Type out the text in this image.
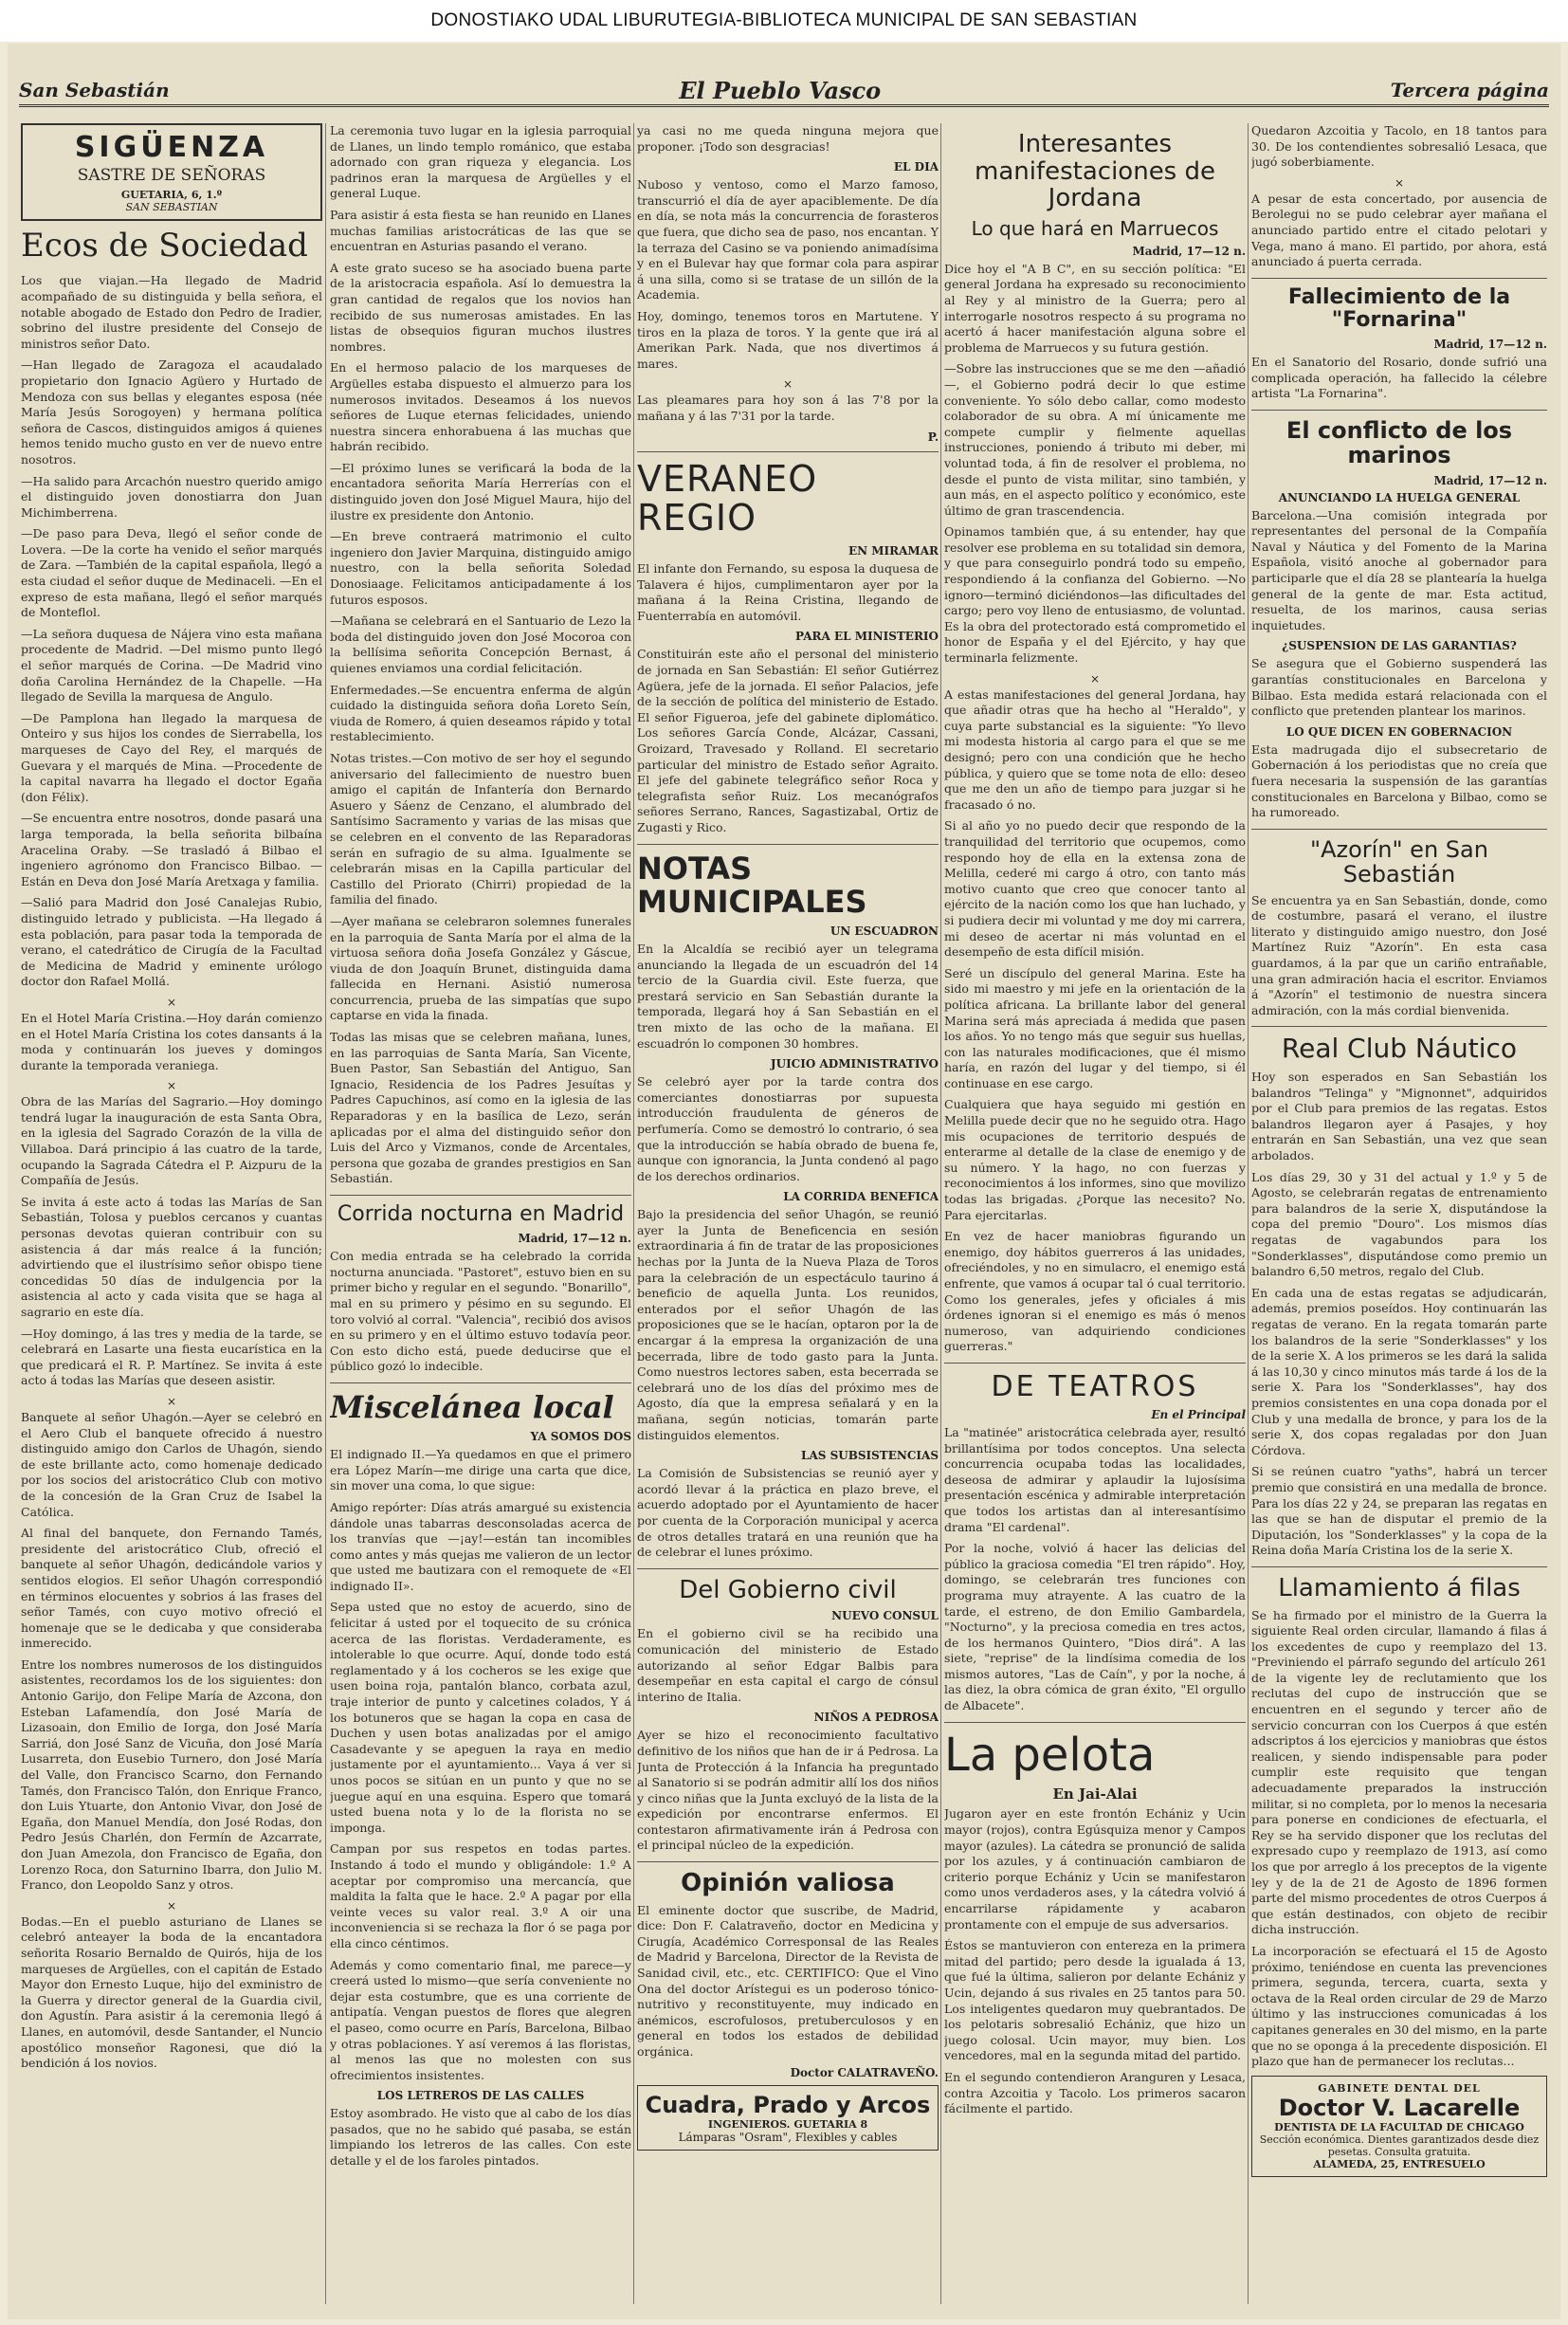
DONOSTIAKO UDAL LIBURUTEGIA-BIBLIOTECA MUNICIPAL DE SAN SEBASTIAN
San Sebastián	El Pueblo Vasco	Tercera página
SIGÜENZA
SASTRE DE SEÑORAS
GUETARIA, 6, 1.º
SAN SEBASTIAN
Ecos de Sociedad

Los que viajan.—Ha llegado de Madrid acompañado de su distinguida y bella señora, el notable abogado de Estado don Pedro de Iradier, sobrino del ilustre presidente del Consejo de ministros señor Dato.

—Han llegado de Zaragoza el acaudalado propietario don Ignacio Agüero y Hurtado de Mendoza con sus bellas y elegantes esposa (née María Jesús Sorogoyen) y hermana política señora de Cascos, distinguidos amigos á quienes hemos tenido mucho gusto en ver de nuevo entre nosotros.

—Ha salido para Arcachón nuestro querido amigo el distinguido joven donostiarra don Juan Michimberrena.

—De paso para Deva, llegó el señor conde de Lovera. —De la corte ha venido el señor marqués de Zara. —También de la capital española, llegó a esta ciudad el señor duque de Medinaceli. —En el expreso de esta mañana, llegó el señor marqués de Monteflol.

—La señora duquesa de Nájera vino esta mañana procedente de Madrid. —Del mismo punto llegó el señor marqués de Corina. —De Madrid vino doña Carolina Hernández de la Chapelle. —Ha llegado de Sevilla la marquesa de Angulo.

—De Pamplona han llegado la marquesa de Onteiro y sus hijos los condes de Sierrabella, los marqueses de Cayo del Rey, el marqués de Guevara y el marqués de Mina. —Procedente de la capital navarra ha llegado el doctor Egaña (don Félix).

—Se encuentra entre nosotros, donde pasará una larga temporada, la bella señorita bilbaína Aracelina Oraby. —Se trasladó á Bilbao el ingeniero agrónomo don Francisco Bilbao. —Están en Deva don José María Aretxaga y familia.

—Salió para Madrid don José Canalejas Rubio, distinguido letrado y publicista. —Ha llegado á esta población, para pasar toda la temporada de verano, el catedrático de Cirugía de la Facultad de Medicina de Madrid y eminente urólogo doctor don Rafael Mollá.

×

En el Hotel María Cristina.—Hoy darán comienzo en el Hotel María Cristina los cotes dansants á la moda y continuarán los jueves y domingos durante la temporada veraniega.

×

Obra de las Marías del Sagrario.—Hoy domingo tendrá lugar la inauguración de esta Santa Obra, en la iglesia del Sagrado Corazón de la villa de Villaboa. Dará principio á las cuatro de la tarde, ocupando la Sagrada Cátedra el P. Aizpuru de la Compañía de Jesús.

Se invita á este acto á todas las Marías de San Sebastián, Tolosa y pueblos cercanos y cuantas personas devotas quieran contribuir con su asistencia á dar más realce á la función; advirtiendo que el ilustrísimo señor obispo tiene concedidas 50 días de indulgencia por la asistencia al acto y cada visita que se haga al sagrario en este día.

—Hoy domingo, á las tres y media de la tarde, se celebrará en Lasarte una fiesta eucarística en la que predicará el R. P. Martínez. Se invita á este acto á todas las Marías que deseen asistir.

×

Banquete al señor Uhagón.—Ayer se celebró en el Aero Club el banquete ofrecido á nuestro distinguido amigo don Carlos de Uhagón, siendo de este brillante acto, como homenaje dedicado por los socios del aristocrático Club con motivo de la concesión de la Gran Cruz de Isabel la Católica.

Al final del banquete, don Fernando Tamés, presidente del aristocrático Club, ofreció el banquete al señor Uhagón, dedicándole varios y sentidos elogios. El señor Uhagón correspondió en términos elocuentes y sobrios á las frases del señor Tamés, con cuyo motivo ofreció el homenaje que se le dedicaba y que consideraba inmerecido.

Entre los nombres numerosos de los distinguidos asistentes, recordamos los de los siguientes: don Antonio Garijo, don Felipe María de Azcona, don Esteban Lafamendía, don José María de Lizasoain, don Emilio de Iorga, don José María Sarriá, don José Sanz de Vicuña, don José María Lusarreta, don Eusebio Turnero, don José María del Valle, don Francisco Scarno, don Fernando Tamés, don Francisco Talón, don Enrique Franco, don Luis Ytuarte, don Antonio Vivar, don José de Egaña, don Manuel Mendía, don José Rodas, don Pedro Jesús Charlén, don Fermín de Azcarrate, don Juan Amezola, don Francisco de Egaña, don Lorenzo Roca, don Saturnino Ibarra, don Julio M. Franco, don Leopoldo Sanz y otros.

×

Bodas.—En el pueblo asturiano de Llanes se celebró anteayer la boda de la encantadora señorita Rosario Bernaldo de Quirós, hija de los marqueses de Argüelles, con el capitán de Estado Mayor don Ernesto Luque, hijo del exministro de la Guerra y director general de la Guardia civil, don Agustín. Para asistir á la ceremonia llegó á Llanes, en automóvil, desde Santander, el Nuncio apostólico monseñor Ragonesi, que dió la bendición á los novios.

La ceremonia tuvo lugar en la iglesia parroquial de Llanes, un lindo templo románico, que estaba adornado con gran riqueza y elegancia. Los padrinos eran la marquesa de Argüelles y el general Luque.

Para asistir á esta fiesta se han reunido en Llanes muchas familias aristocráticas de las que se encuentran en Asturias pasando el verano.

A este grato suceso se ha asociado buena parte de la aristocracia española. Así lo demuestra la gran cantidad de regalos que los novios han recibido de sus numerosas amistades. En las listas de obsequios figuran muchos ilustres nombres.

En el hermoso palacio de los marqueses de Argüelles estaba dispuesto el almuerzo para los numerosos invitados. Deseamos á los nuevos señores de Luque eternas felicidades, uniendo nuestra sincera enhorabuena á las muchas que habrán recibido.

—El próximo lunes se verificará la boda de la encantadora señorita María Herrerías con el distinguido joven don José Miguel Maura, hijo del ilustre ex presidente don Antonio.

—En breve contraerá matrimonio el culto ingeniero don Javier Marquina, distinguido amigo nuestro, con la bella señorita Soledad Donosiaage. Felicitamos anticipadamente á los futuros esposos.

—Mañana se celebrará en el Santuario de Lezo la boda del distinguido joven don José Mocoroa con la bellísima señorita Concepción Bernast, á quienes enviamos una cordial felicitación.

Enfermedades.—Se encuentra enferma de algún cuidado la distinguida señora doña Loreto Seín, viuda de Romero, á quien deseamos rápido y total restablecimiento.

Notas tristes.—Con motivo de ser hoy el segundo aniversario del fallecimiento de nuestro buen amigo el capitán de Infantería don Bernardo Asuero y Sáenz de Cenzano, el alumbrado del Santísimo Sacramento y varias de las misas que se celebren en el convento de las Reparadoras serán en sufragio de su alma. Igualmente se celebrarán misas en la Capilla particular del Castillo del Priorato (Chirri) propiedad de la familia del finado.

—Ayer mañana se celebraron solemnes funerales en la parroquia de Santa María por el alma de la virtuosa señora doña Josefa González y Gáscue, viuda de don Joaquín Brunet, distinguida dama fallecida en Hernani. Asistió numerosa concurrencia, prueba de las simpatías que supo captarse en vida la finada.

Todas las misas que se celebren mañana, lunes, en las parroquias de Santa María, San Vicente, Buen Pastor, San Sebastián del Antiguo, San Ignacio, Residencia de los Padres Jesuítas y Padres Capuchinos, así como en la iglesia de las Reparadoras y en la basílica de Lezo, serán aplicadas por el alma del distinguido señor don Luis del Arco y Vizmanos, conde de Arcentales, persona que gozaba de grandes prestigios en San Sebastián.

Corrida nocturna en Madrid
Madrid, 17—12 n.

Con media entrada se ha celebrado la corrida nocturna anunciada. "Pastoret", estuvo bien en su primer bicho y regular en el segundo. "Bonarillo", mal en su primero y pésimo en su segundo. El toro volvió al corral. "Valencia", recibió dos avisos en su primero y en el último estuvo todavía peor. Con esto dicho está, puede deducirse que el público gozó lo indecible.

Miscelánea local
YA SOMOS DOS

El indignado II.—Ya quedamos en que el primero era López Marín—me dirige una carta que dice, sin mover una coma, lo que sigue:

Amigo repórter: Días atrás amargué su existencia dándole unas tabarras desconsoladas acerca de los tranvías que —¡ay!—están tan incomibles como antes y más quejas me valieron de un lector que usted me bautizara con el remoquete de «El indignado II».

Sepa usted que no estoy de acuerdo, sino de felicitar á usted por el toquecito de su crónica acerca de las floristas. Verdaderamente, es intolerable lo que ocurre. Aquí, donde todo está reglamentado y á los cocheros se les exige que usen boina roja, pantalón blanco, corbata azul, traje interior de punto y calcetines colados, Y á los botuneros que se hagan la copa en casa de Duchen y usen botas analizadas por el amigo Casadevante y se apeguen la raya en medio justamente por el ayuntamiento... Vaya á ver si unos pocos se sitúan en un punto y que no se juegue aquí en una esquina. Espero que tomará usted buena nota y lo de la florista no se imponga.

Campan por sus respetos en todas partes. Instando á todo el mundo y obligándole: 1.º A aceptar por compromiso una mercancía, que maldita la falta que le hace. 2.º A pagar por ella veinte veces su valor real. 3.º A oir una inconveniencia si se rechaza la flor ó se paga por ella cinco céntimos.

Además y como comentario final, me parece—y creerá usted lo mismo—que sería conveniente no dejar esta costumbre, que es una corriente de antipatía. Vengan puestos de flores que alegren el paseo, como ocurre en París, Barcelona, Bilbao y otras poblaciones. Y así veremos á las floristas, al menos las que no molesten con sus ofrecimientos insistentes.

LOS LETREROS DE LAS CALLES

Estoy asombrado. He visto que al cabo de los días pasados, que no he sabido qué pasaba, se están limpiando los letreros de las calles. Con este detalle y el de los faroles pintados.

ya casi no me queda ninguna mejora que proponer. ¡Todo son desgracias!

EL DIA

Nuboso y ventoso, como el Marzo famoso, transcurrió el día de ayer apaciblemente. De día en día, se nota más la concurrencia de forasteros que fuera, que dicho sea de paso, nos encantan. Y la terraza del Casino se va poniendo animadísima y en el Bulevar hay que formar cola para aspirar á una silla, como si se tratase de un sillón de la Academia.

Hoy, domingo, tenemos toros en Martutene. Y tiros en la plaza de toros. Y la gente que irá al Amerikan Park. Nada, que nos divertimos á mares.

×

Las pleamares para hoy son á las 7'8 por la mañana y á las 7'31 por la tarde.

P.
VERANEO REGIO
EN MIRAMAR

El infante don Fernando, su esposa la duquesa de Talavera é hijos, cumplimentaron ayer por la mañana á la Reina Cristina, llegando de Fuenterrabía en automóvil.

PARA EL MINISTERIO

Constituirán este año el personal del ministerio de jornada en San Sebastián: El señor Gutiérrez Agüera, jefe de la jornada. El señor Palacios, jefe de la sección de política del ministerio de Estado. El señor Figueroa, jefe del gabinete diplomático. Los señores García Conde, Alcázar, Cassani, Groizard, Travesado y Rolland. El secretario particular del ministro de Estado señor Agraito. El jefe del gabinete telegráfico señor Roca y telegrafista señor Ruiz. Los mecanógrafos señores Serrano, Rances, Sagastizabal, Ortiz de Zugasti y Rico.

NOTAS MUNICIPALES
UN ESCUADRON

En la Alcaldía se recibió ayer un telegrama anunciando la llegada de un escuadrón del 14 tercio de la Guardia civil. Este fuerza, que prestará servicio en San Sebastián durante la temporada, llegará hoy á San Sebastián en el tren mixto de las ocho de la mañana. El escuadrón lo componen 30 hombres.

JUICIO ADMINISTRATIVO

Se celebró ayer por la tarde contra dos comerciantes donostiarras por supuesta introducción fraudulenta de géneros de perfumería. Como se demostró lo contrario, ó sea que la introducción se había obrado de buena fe, aunque con ignorancia, la Junta condenó al pago de los derechos ordinarios.

LA CORRIDA BENEFICA

Bajo la presidencia del señor Uhagón, se reunió ayer la Junta de Beneficencia en sesión extraordinaria á fin de tratar de las proposiciones hechas por la Junta de la Nueva Plaza de Toros para la celebración de un espectáculo taurino á beneficio de aquella Junta. Los reunidos, enterados por el señor Uhagón de las proposiciones que se le hacían, optaron por la de encargar á la empresa la organización de una becerrada, libre de todo gasto para la Junta. Como nuestros lectores saben, esta becerrada se celebrará uno de los días del próximo mes de Agosto, día que la empresa señalará y en la mañana, según noticias, tomarán parte distinguidos elementos.

LAS SUBSISTENCIAS

La Comisión de Subsistencias se reunió ayer y acordó llevar á la práctica en plazo breve, el acuerdo adoptado por el Ayuntamiento de hacer por cuenta de la Corporación municipal y acerca de otros detalles tratará en una reunión que ha de celebrar el lunes próximo.

Del Gobierno civil
NUEVO CONSUL

En el gobierno civil se ha recibido una comunicación del ministerio de Estado autorizando al señor Edgar Balbis para desempeñar en esta capital el cargo de cónsul interino de Italia.

NIÑOS A PEDROSA

Ayer se hizo el reconocimiento facultativo definitivo de los niños que han de ir á Pedrosa. La Junta de Protección á la Infancia ha preguntado al Sanatorio si se podrán admitir allí los dos niños y cinco niñas que la Junta excluyó de la lista de la expedición por encontrarse enfermos. El contestaron afirmativamente irán á Pedrosa con el principal núcleo de la expedición.

Opinión valiosa

El eminente doctor que suscribe, de Madrid, dice: Don F. Calatraveño, doctor en Medicina y Cirugía, Académico Corresponsal de las Reales de Madrid y Barcelona, Director de la Revista de Sanidad civil, etc., etc. CERTIFICO: Que el Vino Ona del doctor Arístegui es un poderoso tónico-nutritivo y reconstituyente, muy indicado en anémicos, escrofulosos, pretuberculosos y en general en todos los estados de debilidad orgánica.

Doctor CALATRAVEÑO.
Cuadra, Prado y Arcos
INGENIEROS. GUETARIA 8
Lámparas "Osram", Flexibles y cables
Interesantes manifestaciones de Jordana
Lo que hará en Marruecos
Madrid, 17—12 n.

Dice hoy el "A B C", en su sección política: "El general Jordana ha expresado su reconocimiento al Rey y al ministro de la Guerra; pero al interrogarle nosotros respecto á su programa no acertó á hacer manifestación alguna sobre el problema de Marruecos y su futura gestión.

—Sobre las instrucciones que se me den —añadió—, el Gobierno podrá decir lo que estime conveniente. Yo sólo debo callar, como modesto colaborador de su obra. A mí únicamente me compete cumplir y fielmente aquellas instrucciones, poniendo á tributo mi deber, mi voluntad toda, á fin de resolver el problema, no desde el punto de vista militar, sino también, y aun más, en el aspecto político y económico, este último de gran trascendencia.

Opinamos también que, á su entender, hay que resolver ese problema en su totalidad sin demora, y que para conseguirlo pondrá todo su empeño, respondiendo á la confianza del Gobierno. —No ignoro—terminó diciéndonos—las dificultades del cargo; pero voy lleno de entusiasmo, de voluntad. Es la obra del protectorado está comprometido el honor de España y el del Ejército, y hay que terminarla felizmente.

×

A estas manifestaciones del general Jordana, hay que añadir otras que ha hecho al "Heraldo", y cuya parte substancial es la siguiente: "Yo llevo mi modesta historia al cargo para el que se me designó; pero con una condición que he hecho pública, y quiero que se tome nota de ello: deseo que me den un año de tiempo para juzgar si he fracasado ó no.

Si al año yo no puedo decir que respondo de la tranquilidad del territorio que ocupemos, como respondo hoy de ella en la extensa zona de Melilla, cederé mi cargo á otro, con tanto más motivo cuanto que creo que conocer tanto al ejército de la nación como los que han luchado, y si pudiera decir mi voluntad y me doy mi carrera, mi deseo de acertar ni más voluntad en el desempeño de esta difícil misión.

Seré un discípulo del general Marina. Este ha sido mi maestro y mi jefe en la orientación de la política africana. La brillante labor del general Marina será más apreciada á medida que pasen los años. Yo no tengo más que seguir sus huellas, con las naturales modificaciones, que él mismo haría, en razón del lugar y del tiempo, si él continuase en ese cargo.

Cualquiera que haya seguido mi gestión en Melilla puede decir que no he seguido otra. Hago mis ocupaciones de territorio después de enterarme al detalle de la clase de enemigo y de su número. Y la hago, no con fuerzas y reconocimientos á los informes, sino que movilizo todas las brigadas. ¿Porque las necesito? No. Para ejercitarlas.

En vez de hacer maniobras figurando un enemigo, doy hábitos guerreros á las unidades, ofreciéndoles, y no en simulacro, el enemigo está enfrente, que vamos á ocupar tal ó cual territorio. Como los generales, jefes y oficiales á mis órdenes ignoran si el enemigo es más ó menos numeroso, van adquiriendo condiciones guerreras."

DE TEATROS
En el Principal

La "matinée" aristocrática celebrada ayer, resultó brillantísima por todos conceptos. Una selecta concurrencia ocupaba todas las localidades, deseosa de admirar y aplaudir la lujosísima presentación escénica y admirable interpretación que todos los artistas dan al interesantísimo drama "El cardenal".

Por la noche, volvió á hacer las delicias del público la graciosa comedia "El tren rápido". Hoy, domingo, se celebrarán tres funciones con programa muy atrayente. A las cuatro de la tarde, el estreno, de don Emilio Gambardela, "Nocturno", y la preciosa comedia en tres actos, de los hermanos Quintero, "Dios dirá". A las siete, "reprise" de la lindísima comedia de los mismos autores, "Las de Caín", y por la noche, á las diez, la obra cómica de gran éxito, "El orgullo de Albacete".

La pelota
En Jai-Alai

Jugaron ayer en este frontón Echániz y Ucin mayor (rojos), contra Egúsquiza menor y Campos mayor (azules). La cátedra se pronunció de salida por los azules, y á continuación cambiaron de criterio porque Echániz y Ucin se manifestaron como unos verdaderos ases, y la cátedra volvió á encarrilarse rápidamente y acabaron prontamente con el empuje de sus adversarios.

Éstos se mantuvieron con entereza en la primera mitad del partido; pero desde la igualada á 13, que fué la última, salieron por delante Echániz y Ucin, dejando á sus rivales en 25 tantos para 50. Los inteligentes quedaron muy quebrantados. De los pelotaris sobresalió Echániz, que hizo un juego colosal. Ucin mayor, muy bien. Los vencedores, mal en la segunda mitad del partido.

En el segundo contendieron Aranguren y Lesaca, contra Azcoitia y Tacolo. Los primeros sacaron fácilmente el partido.

Quedaron Azcoitia y Tacolo, en 18 tantos para 30. De los contendientes sobresalió Lesaca, que jugó soberbiamente.

×

A pesar de esta concertado, por ausencia de Berolegui no se pudo celebrar ayer mañana el anunciado partido entre el citado pelotari y Vega, mano á mano. El partido, por ahora, está anunciado á puerta cerrada.

Fallecimiento de la "Fornarina"
Madrid, 17—12 n.

En el Sanatorio del Rosario, donde sufrió una complicada operación, ha fallecido la célebre artista "La Fornarina".

El conflicto de los marinos
Madrid, 17—12 n.
ANUNCIANDO LA HUELGA GENERAL

Barcelona.—Una comisión integrada por representantes del personal de la Compañía Naval y Náutica y del Fomento de la Marina Española, visitó anoche al gobernador para participarle que el día 28 se plantearía la huelga general de la gente de mar. Esta actitud, resuelta, de los marinos, causa serias inquietudes.

¿SUSPENSION DE LAS GARANTIAS?

Se asegura que el Gobierno suspenderá las garantías constitucionales en Barcelona y Bilbao. Esta medida estará relacionada con el conflicto que pretenden plantear los marinos.

LO QUE DICEN EN GOBERNACION

Esta madrugada dijo el subsecretario de Gobernación á los periodistas que no creía que fuera necesaria la suspensión de las garantías constitucionales en Barcelona y Bilbao, como se ha rumoreado.

"Azorín" en San Sebastián

Se encuentra ya en San Sebastián, donde, como de costumbre, pasará el verano, el ilustre literato y distinguido amigo nuestro, don José Martínez Ruiz "Azorín". En esta casa guardamos, á la par que un cariño entrañable, una gran admiración hacia el escritor. Enviamos á "Azorín" el testimonio de nuestra sincera admiración, con la más cordial bienvenida.

Real Club Náutico

Hoy son esperados en San Sebastián los balandros "Telinga" y "Mignonnet", adquiridos por el Club para premios de las regatas. Estos balandros llegaron ayer á Pasajes, y hoy entrarán en San Sebastián, una vez que sean arbolados.

Los días 29, 30 y 31 del actual y 1.º y 5 de Agosto, se celebrarán regatas de entrenamiento para balandros de la serie X, disputándose la copa del premio "Douro". Los mismos días regatas de vagabundos para los "Sonderklasses", disputándose como premio un balandro 6,50 metros, regalo del Club.

En cada una de estas regatas se adjudicarán, además, premios poseídos. Hoy continuarán las regatas de verano. En la regata tomarán parte los balandros de la serie "Sonderklasses" y los de la serie X. A los primeros se les dará la salida á las 10,30 y cinco minutos más tarde á los de la serie X. Para los "Sonderklasses", hay dos premios consistentes en una copa donada por el Club y una medalla de bronce, y para los de la serie X, dos copas regaladas por don Juan Córdova.

Si se reúnen cuatro "yaths", habrá un tercer premio que consistirá en una medalla de bronce. Para los días 22 y 24, se preparan las regatas en las que se han de disputar el premio de la Diputación, los "Sonderklasses" y la copa de la Reina doña María Cristina los de la serie X.

Llamamiento á filas

Se ha firmado por el ministro de la Guerra la siguiente Real orden circular, llamando á filas á los excedentes de cupo y reemplazo del 13. "Previniendo el párrafo segundo del artículo 261 de la vigente ley de reclutamiento que los reclutas del cupo de instrucción que se encuentren en el segundo y tercer año de servicio concurran con los Cuerpos á que estén adscriptos á los ejercicios y maniobras que éstos realicen, y siendo indispensable para poder cumplir este requisito que tengan adecuadamente preparados la instrucción militar, si no completa, por lo menos la necesaria para ponerse en condiciones de efectuarla, el Rey se ha servido disponer que los reclutas del expresado cupo y reemplazo de 1913, así como los que por arreglo á los preceptos de la vigente ley y de la de 21 de Agosto de 1896 formen parte del mismo procedentes de otros Cuerpos á que están destinados, con objeto de recibir dicha instrucción.

La incorporación se efectuará el 15 de Agosto próximo, teniéndose en cuenta las prevenciones primera, segunda, tercera, cuarta, sexta y octava de la Real orden circular de 29 de Marzo último y las instrucciones comunicadas á los capitanes generales en 30 del mismo, en la parte que no se oponga á la precedente disposición. El plazo que han de permanecer los reclutas...

GABINETE DENTAL DEL
Doctor V. Lacarelle
DENTISTA DE LA FACULTAD DE CHICAGO
Sección económica. Dientes garantizados desde diez pesetas. Consulta gratuita.
ALAMEDA, 25, ENTRESUELO
